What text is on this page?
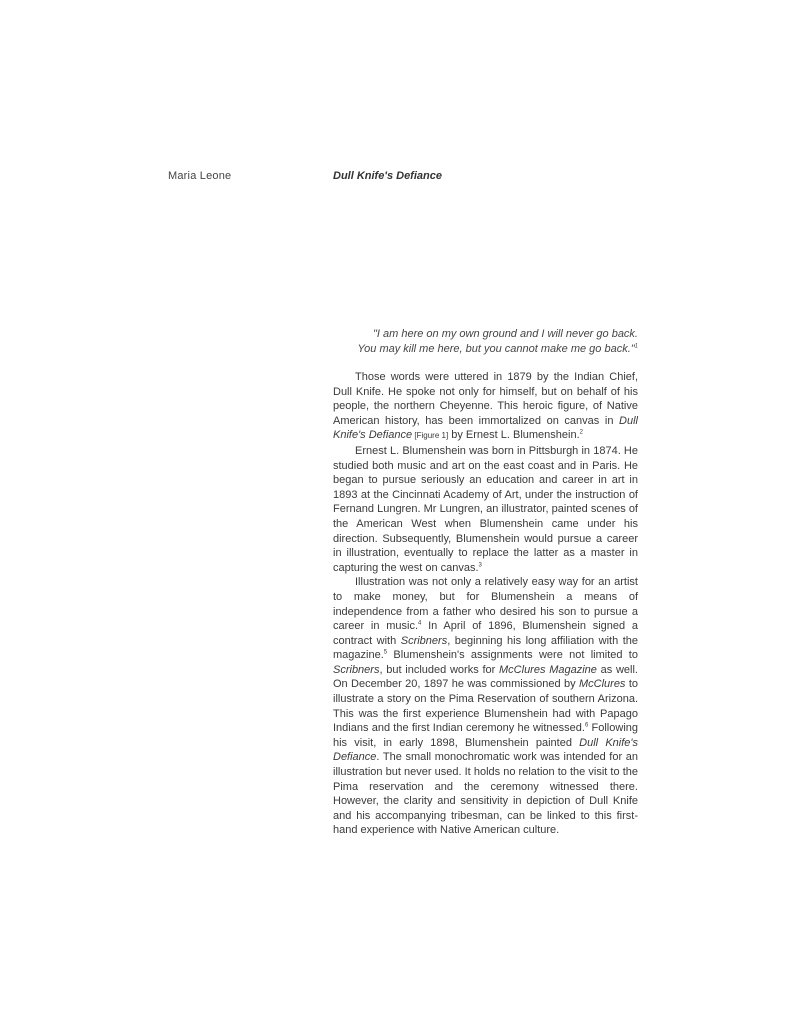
Maria Leone	Dull Knife's Defiance
"I am here on my own ground and I will never go back.
You may kill me here, but you cannot make me go back."$^1$

Those words were uttered in 1879 by the Indian Chief, Dull Knife. He spoke not only for himself, but on behalf of his people, the northern Cheyenne. This heroic figure, of Native American history, has been immortalized on canvas in Dull Knife's Defiance [Figure 1] by Ernest L. Blumenshein.$^2$

Ernest L. Blumenshein was born in Pittsburgh in 1874. He studied both music and art on the east coast and in Paris. He began to pursue seriously an education and career in art in 1893 at the Cincinnati Academy of Art, under the instruction of Fernand Lungren. Mr Lungren, an illustrator, painted scenes of the American West when Blumenshein came under his direction. Subsequently, Blumenshein would pursue a career in illustration, eventually to replace the latter as a master in capturing the west on canvas.$^3$

Illustration was not only a relatively easy way for an artist to make money, but for Blumenshein a means of independence from a father who desired his son to pursue a career in music.$^4$ In April of 1896, Blumenshein signed a contract with Scribners, beginning his long affiliation with the magazine.$^5$ Blumenshein's assignments were not limited to Scribners, but included works for McClures Magazine as well. On December 20, 1897 he was commissioned by McClures to illustrate a story on the Pima Reservation of southern Arizona. This was the first experience Blumenshein had with Papago Indians and the first Indian ceremony he witnessed.$^6$ Following his visit, in early 1898, Blumenshein painted Dull Knife's Defiance. The small monochromatic work was intended for an illustration but never used. It holds no relation to the visit to the Pima reservation and the ceremony witnessed there. However, the clarity and sensitivity in depiction of Dull Knife and his accompanying tribesman, can be linked to this first-hand experience with Native American culture.
